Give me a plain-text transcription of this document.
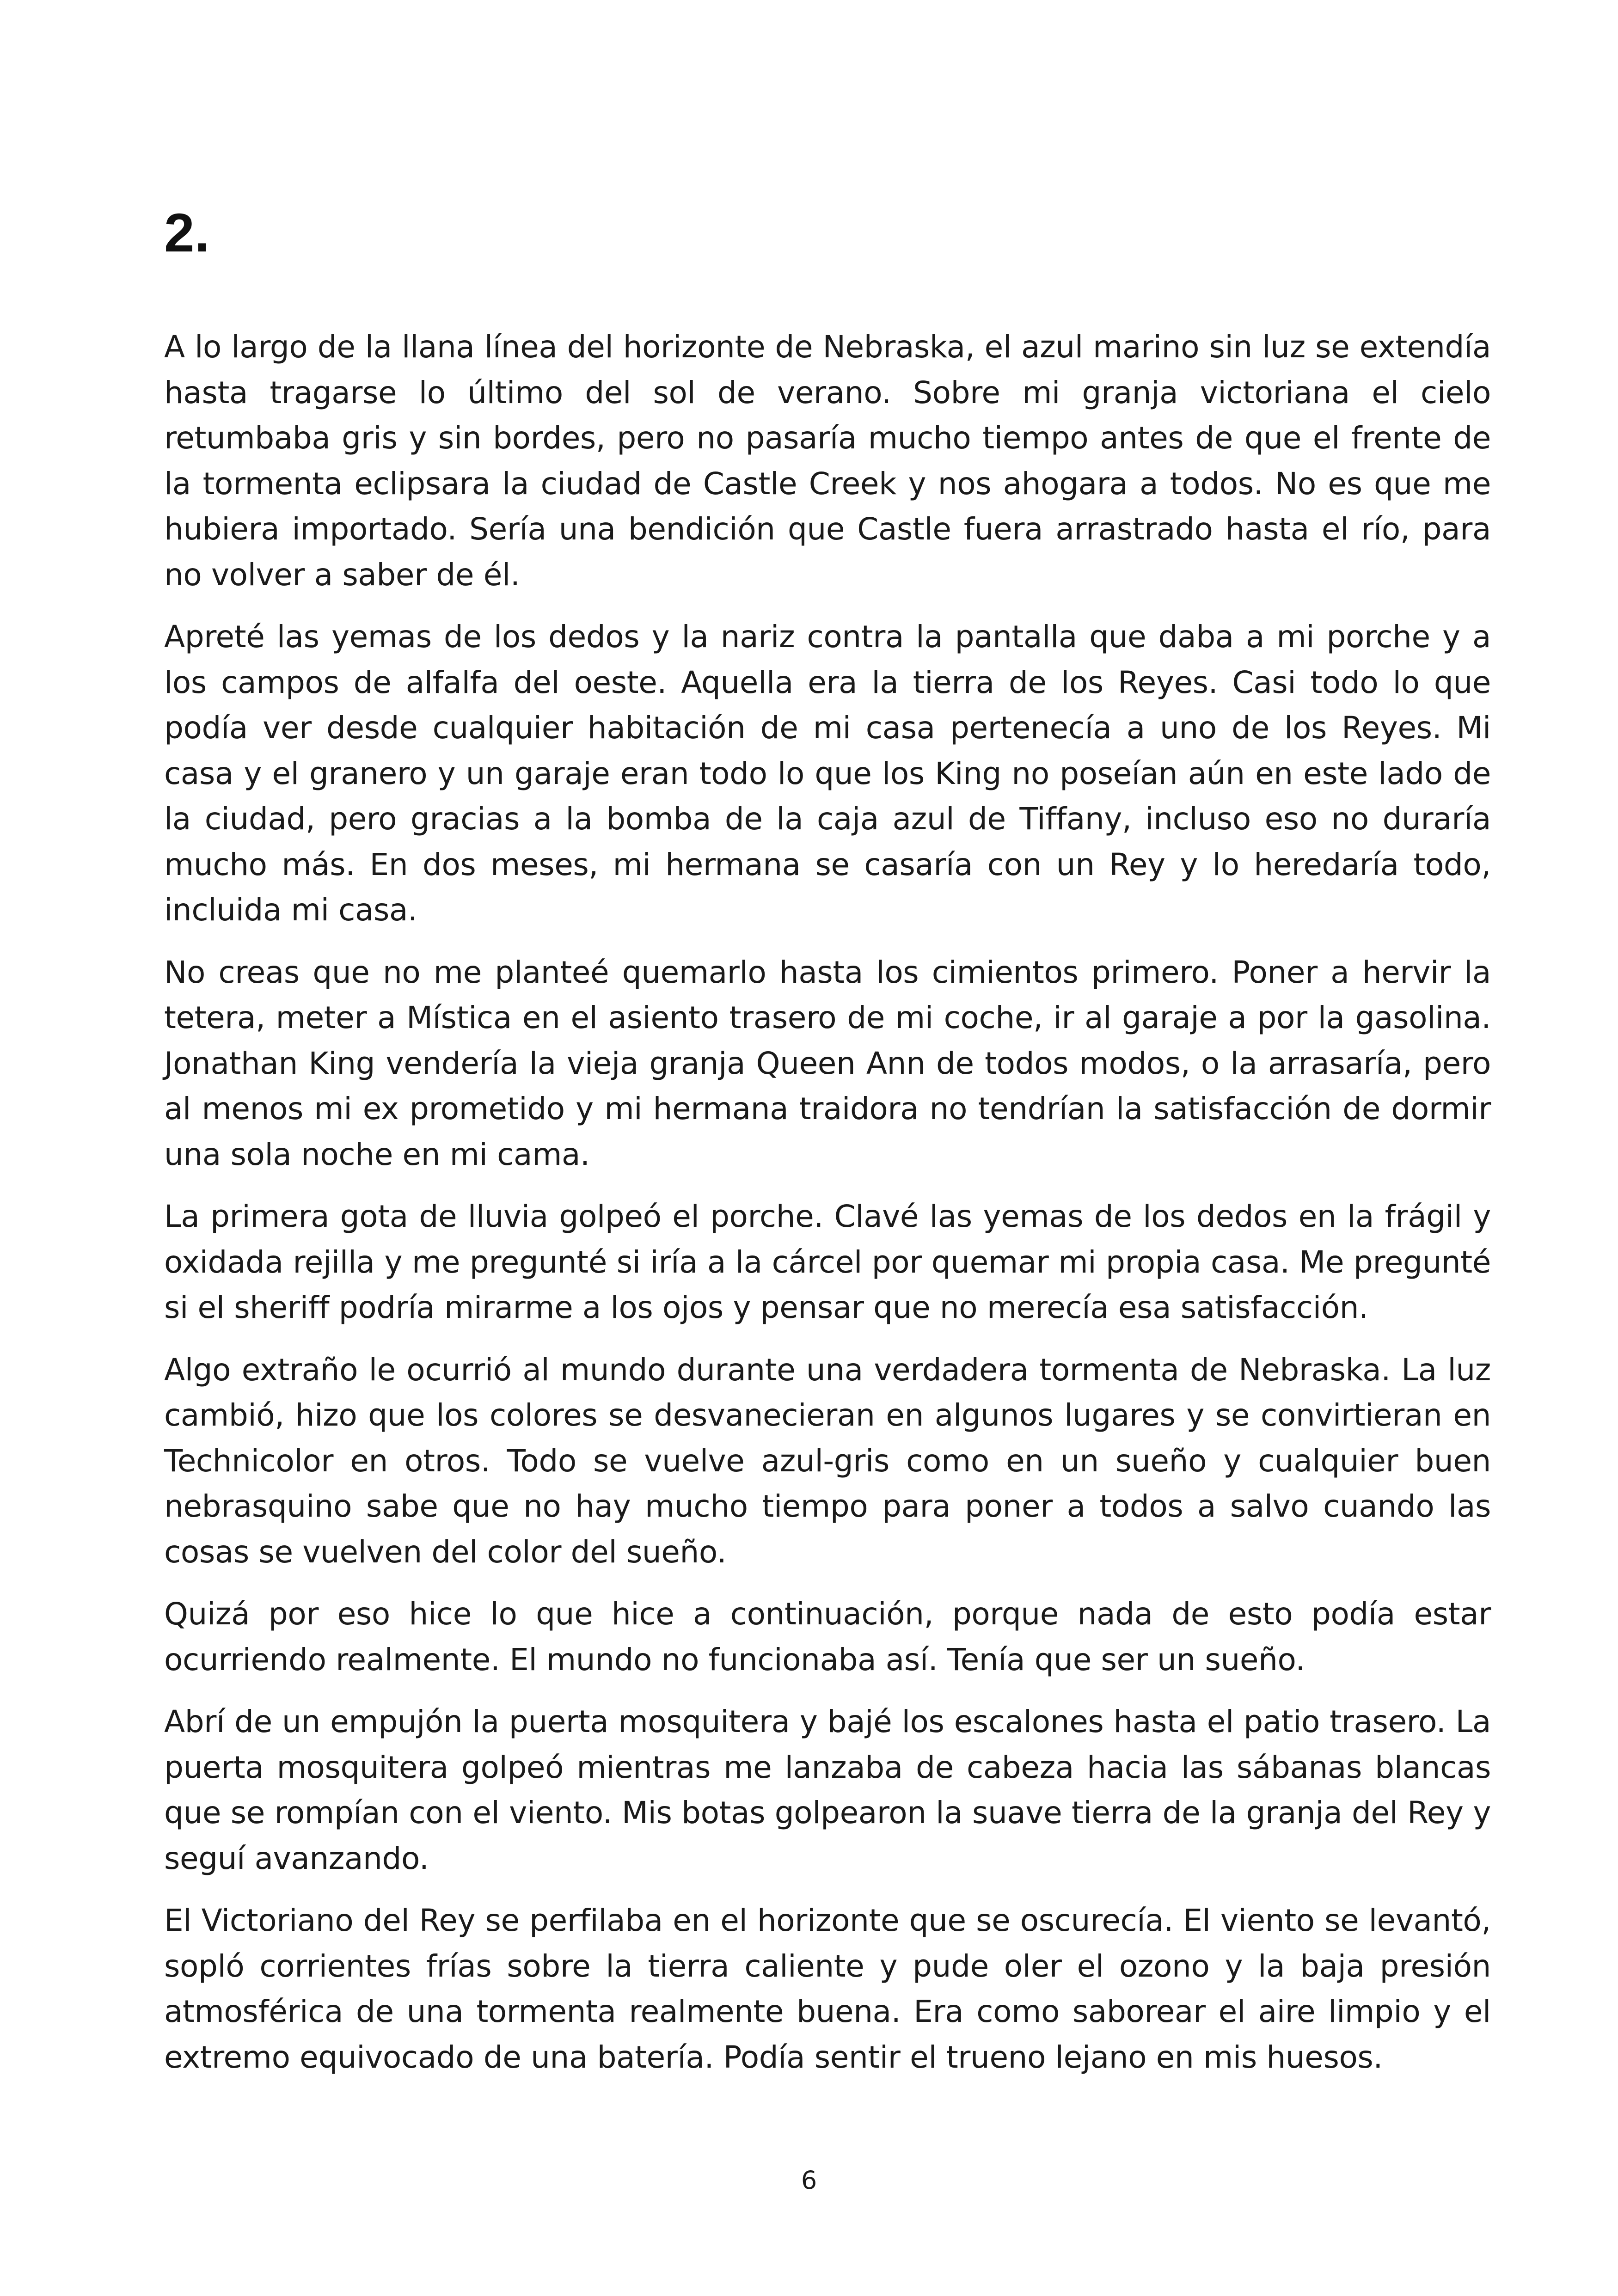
2.

A lo largo de la llana línea del horizonte de Nebraska, el azul marino sin luz se extendía hasta tragarse lo último del sol de verano. Sobre mi granja victoriana el cielo retumbaba gris y sin bordes, pero no pasaría mucho tiempo antes de que el frente de la tormenta eclipsara la ciudad de Castle Creek y nos ahogara a todos. No es que me hubiera importado. Sería una bendición que Castle fuera arrastrado hasta el río, para no volver a saber de él.

Apreté las yemas de los dedos y la nariz contra la pantalla que daba a mi porche y a los campos de alfalfa del oeste. Aquella era la tierra de los Reyes. Casi todo lo que podía ver desde cualquier habitación de mi casa pertenecía a uno de los Reyes. Mi casa y el granero y un garaje eran todo lo que los King no poseían aún en este lado de la ciudad, pero gracias a la bomba de la caja azul de Tiffany, incluso eso no duraría mucho más. En dos meses, mi hermana se casaría con un Rey y lo heredaría todo, incluida mi casa.

No creas que no me planteé quemarlo hasta los cimientos primero. Poner a hervir la tetera, meter a Mística en el asiento trasero de mi coche, ir al garaje a por la gasolina. Jonathan King vendería la vieja granja Queen Ann de todos modos, o la arrasaría, pero al menos mi ex prometido y mi hermana traidora no tendrían la satisfacción de dormir una sola noche en mi cama.

La primera gota de lluvia golpeó el porche. Clavé las yemas de los dedos en la frágil y oxidada rejilla y me pregunté si iría a la cárcel por quemar mi propia casa. Me pregunté si el sheriff podría mirarme a los ojos y pensar que no merecía esa satisfacción.

Algo extraño le ocurrió al mundo durante una verdadera tormenta de Nebraska. La luz cambió, hizo que los colores se desvanecieran en algunos lugares y se convirtieran en Technicolor en otros. Todo se vuelve azul-gris como en un sueño y cualquier buen nebrasquino sabe que no hay mucho tiempo para poner a todos a salvo cuando las cosas se vuelven del color del sueño.

Quizá por eso hice lo que hice a continuación, porque nada de esto podía estar ocurriendo realmente. El mundo no funcionaba así. Tenía que ser un sueño.

Abrí de un empujón la puerta mosquitera y bajé los escalones hasta el patio trasero. La puerta mosquitera golpeó mientras me lanzaba de cabeza hacia las sábanas blancas que se rompían con el viento. Mis botas golpearon la suave tierra de la granja del Rey y seguí avanzando.

El Victoriano del Rey se perfilaba en el horizonte que se oscurecía. El viento se levantó, sopló corrientes frías sobre la tierra caliente y pude oler el ozono y la baja presión atmosférica de una tormenta realmente buena. Era como saborear el aire limpio y el extremo equivocado de una batería. Podía sentir el trueno lejano en mis huesos.

6
